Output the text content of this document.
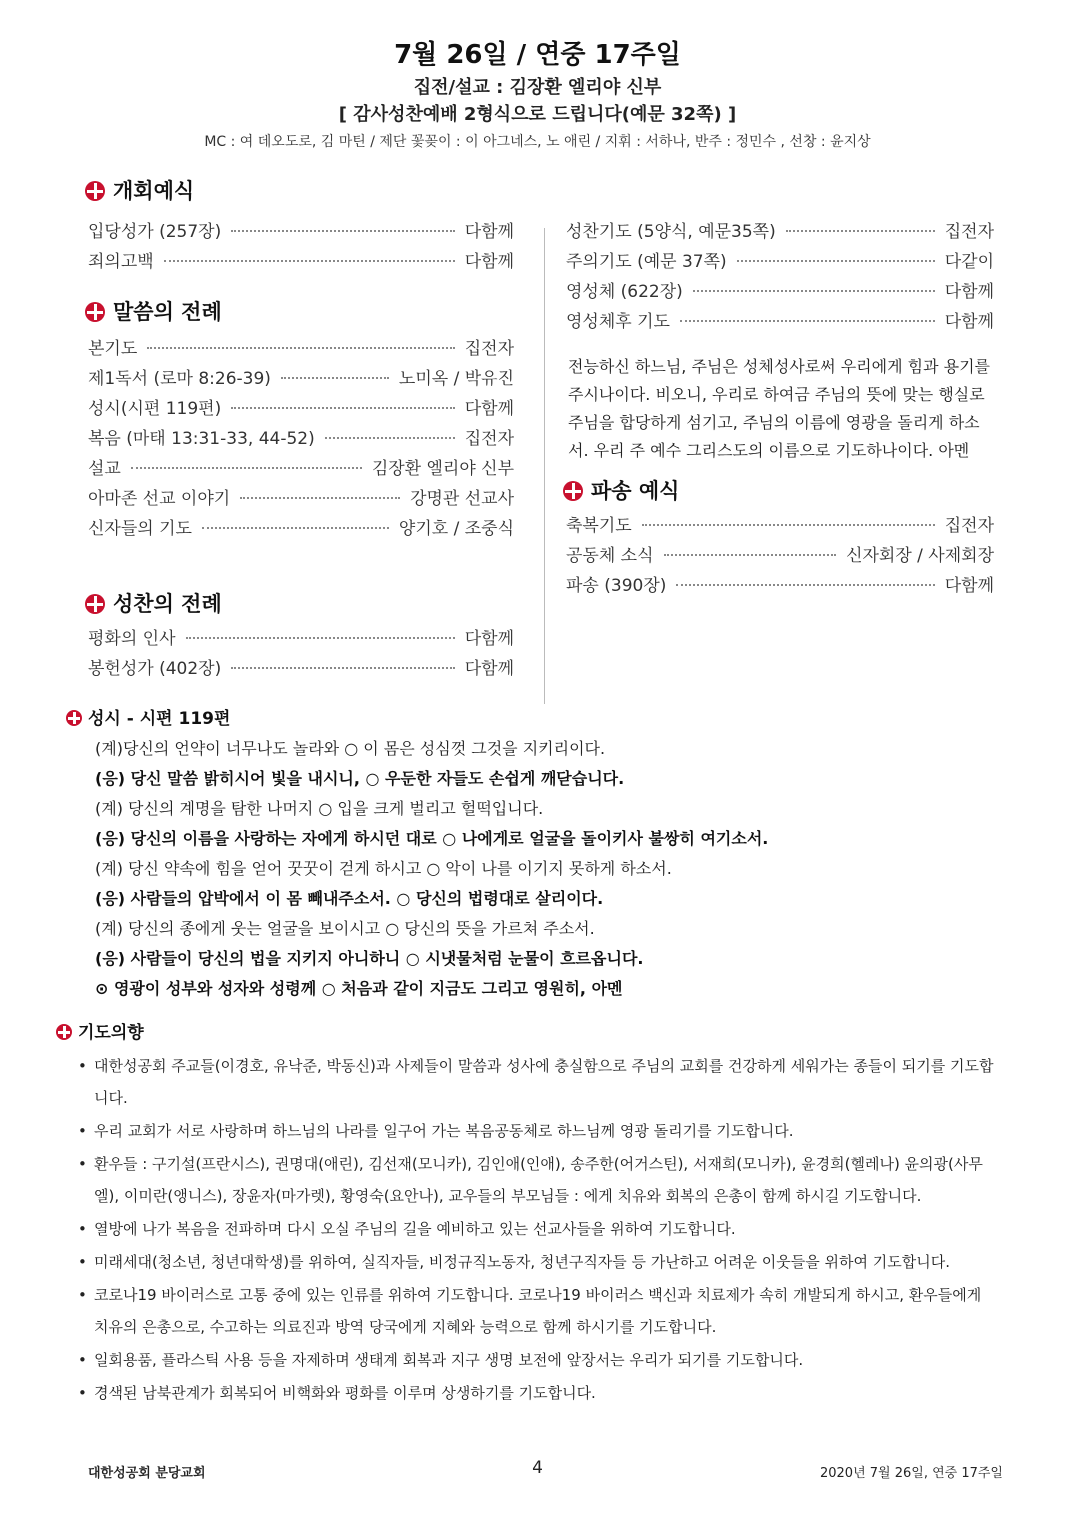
7월 26일 / 연중 17주일
집전/설교 : 김장환 엘리야 신부
[ 감사성찬예배 2형식으로 드립니다(예문 32쪽) ]
MC : 여 데오도로, 김 마틴 / 제단 꽃꽂이 : 이 아그네스, 노 애린 / 지휘 : 서하나, 반주 : 정민수 , 선창 : 윤지상
개회예식
입당성가 (257장)	다함께
죄의고백	다함께
말씀의 전례
본기도	집전자
제1독서 (로마 8:26-39)	노미옥 / 박유진
성시(시편 119편)	다함께
복음 (마태 13:31-33, 44-52)	집전자
설교	김장환 엘리야 신부
아마존 선교 이야기	강명관 선교사
신자들의 기도	양기호 / 조중식
성찬의 전례
평화의 인사	다함께
봉헌성가 (402장)	다함께
성찬기도 (5양식, 예문35쪽)	집전자
주의기도 (예문 37쪽)	다같이
영성체 (622장)	다함께
영성체후 기도	다함께
전능하신 하느님, 주님은 성체성사로써 우리에게 힘과 용기를 주시나이다. 비오니, 우리로 하여금 주님의 뜻에 맞는 행실로 주님을 합당하게 섬기고, 주님의 이름에 영광을 돌리게 하소서. 우리 주 예수 그리스도의 이름으로 기도하나이다. 아멘
파송 예식
축복기도	집전자
공동체 소식	신자회장 / 사제회장
파송 (390장)	다함께
성시 - 시편 119편
(계)당신의 언약이 너무나도 놀라와 ○ 이 몸은 성심껏 그것을 지키리이다.
(응) 당신 말씀 밝히시어 빛을 내시니, ○ 우둔한 자들도 손쉽게 깨닫습니다.
(계) 당신의 계명을 탐한 나머지 ○ 입을 크게 벌리고 헐떡입니다.
(응) 당신의 이름을 사랑하는 자에게 하시던 대로 ○ 나에게로 얼굴을 돌이키사 불쌍히 여기소서.
(계) 당신 약속에 힘을 얻어 꿋꿋이 걷게 하시고 ○ 악이 나를 이기지 못하게 하소서.
(응) 사람들의 압박에서 이 몸 빼내주소서. ○ 당신의 법령대로 살리이다.
(계) 당신의 종에게 웃는 얼굴을 보이시고 ○ 당신의 뜻을 가르쳐 주소서.
(응) 사람들이 당신의 법을 지키지 아니하니 ○ 시냇물처럼 눈물이 흐르옵니다.
⊙ 영광이 성부와 성자와 성령께 ○ 처음과 같이 지금도 그리고 영원히, 아멘
기도의향
• 대한성공회 주교들(이경호, 유낙준, 박동신)과 사제들이 말씀과 성사에 충실함으로 주님의 교회를 건강하게 세워가는 종들이 되기를 기도합니다.
• 우리 교회가 서로 사랑하며 하느님의 나라를 일구어 가는 복음공동체로 하느님께 영광 돌리기를 기도합니다.
• 환우들 : 구기설(프란시스), 권명대(애린), 김선재(모니카), 김인애(인애), 송주한(어거스틴), 서재희(모니카), 윤경희(헬레나) 윤의광(사무엘), 이미란(앵니스), 장윤자(마가렛), 황영숙(요안나), 교우들의 부모님들 : 에게 치유와 회복의 은총이 함께 하시길 기도합니다.
• 열방에 나가 복음을 전파하며 다시 오실 주님의 길을 예비하고 있는 선교사들을 위하여 기도합니다.
• 미래세대(청소년, 청년대학생)를 위하여, 실직자들, 비정규직노동자, 청년구직자들 등 가난하고 어려운 이웃들을 위하여 기도합니다.
• 코로나19 바이러스로 고통 중에 있는 인류를 위하여 기도합니다. 코로나19 바이러스 백신과 치료제가 속히 개발되게 하시고, 환우들에게 치유의 은총으로, 수고하는 의료진과 방역 당국에게 지혜와 능력으로 함께 하시기를 기도합니다.
• 일회용품, 플라스틱 사용 등을 자제하며 생태계 회복과 지구 생명 보전에 앞장서는 우리가 되기를 기도합니다.
• 경색된 남북관계가 회복되어 비핵화와 평화를 이루며 상생하기를 기도합니다.
대한성공회 분당교회	4	2020년 7월 26일, 연중 17주일
